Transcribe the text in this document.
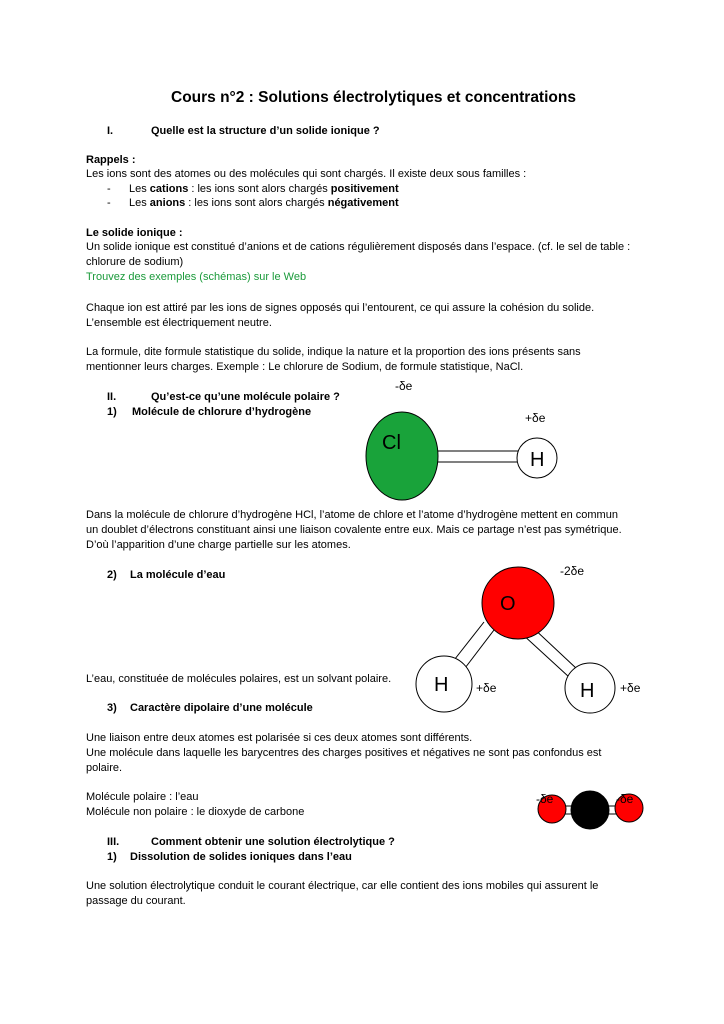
Cours n°2 : Solutions électrolytiques et concentrations
I.	Quelle est la structure d’un solide ionique ?
Rappels :
Les ions sont des atomes ou des molécules qui sont chargés. Il existe deux sous familles :
- Les cations : les ions sont alors chargés positivement
- Les anions : les ions sont alors chargés négativement
Le solide ionique :
Un solide ionique est constitué d’anions et de cations régulièrement disposés dans l’espace. (cf. le sel de table :
chlorure de sodium)
Trouvez des exemples (schémas) sur le Web
Chaque ion est attiré par les ions de signes opposés qui l’entourent, ce qui assure la cohésion du solide.
L’ensemble est électriquement neutre.
La formule, dite formule statistique du solide, indique la nature et la proportion des ions présents sans
mentionner leurs charges. Exemple : Le chlorure de Sodium, de formule statistique, NaCl.
II.	Qu’est-ce qu’une molécule polaire ?
1) Molécule de chlorure d’hydrogène
Dans la molécule de chlorure d’hydrogène HCl, l’atome de chlore et l’atome d’hydrogène mettent en commun
un doublet d’électrons constituant ainsi une liaison covalente entre eux. Mais ce partage n’est pas symétrique.
D’où l’apparition d’une charge partielle sur les atomes.
2) La molécule d’eau
L’eau, constituée de molécules polaires, est un solvant polaire.
3) Caractère dipolaire d’une molécule
Une liaison entre deux atomes est polarisée si ces deux atomes sont différents.
Une molécule dans laquelle les barycentres des charges positives et négatives ne sont pas confondus est
polaire.
Molécule polaire : l’eau
Molécule non polaire : le dioxyde de carbone
III.	Comment obtenir une solution électrolytique ?
1) Dissolution de solides ioniques dans l’eau
Une solution électrolytique conduit le courant électrique, car elle contient des ions mobiles qui assurent le
passage du courant.
Cl
H
-δe
+δe
O
H	H
-2δe
+δe	+δe
-δe	-δe
